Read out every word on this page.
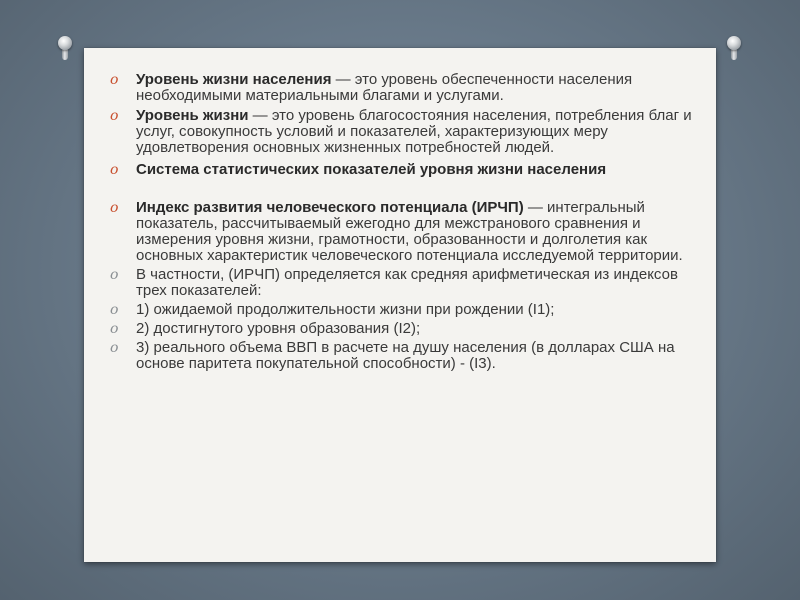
o Уровень жизни населения — это уровень обеспеченности населения необходимыми материальными благами и услугами.
o Уровень жизни — это уровень благосостояния населения, потребления благ и услуг, совокупность условий и показателей, характеризующих меру удовлетворения основных жизненных потребностей людей.
o Система статистических показателей уровня жизни населения
o Индекс развития человеческого потенциала (ИРЧП) — интегральный показатель, рассчитываемый ежегодно для межстранового сравнения и измерения уровня жизни, грамотности, образованности и долголетия как основных характеристик человеческого потенциала исследуемой территории.
o В частности, (ИРЧП) определяется как средняя арифметическая из индексов трех показателей:
o 1) ожидаемой продолжительности жизни при рождении (I1);
o 2) достигнутого уровня образования (I2);
o 3) реального объема ВВП в расчете на душу населения (в долларах США на основе паритета покупательной способности) - (I3).
